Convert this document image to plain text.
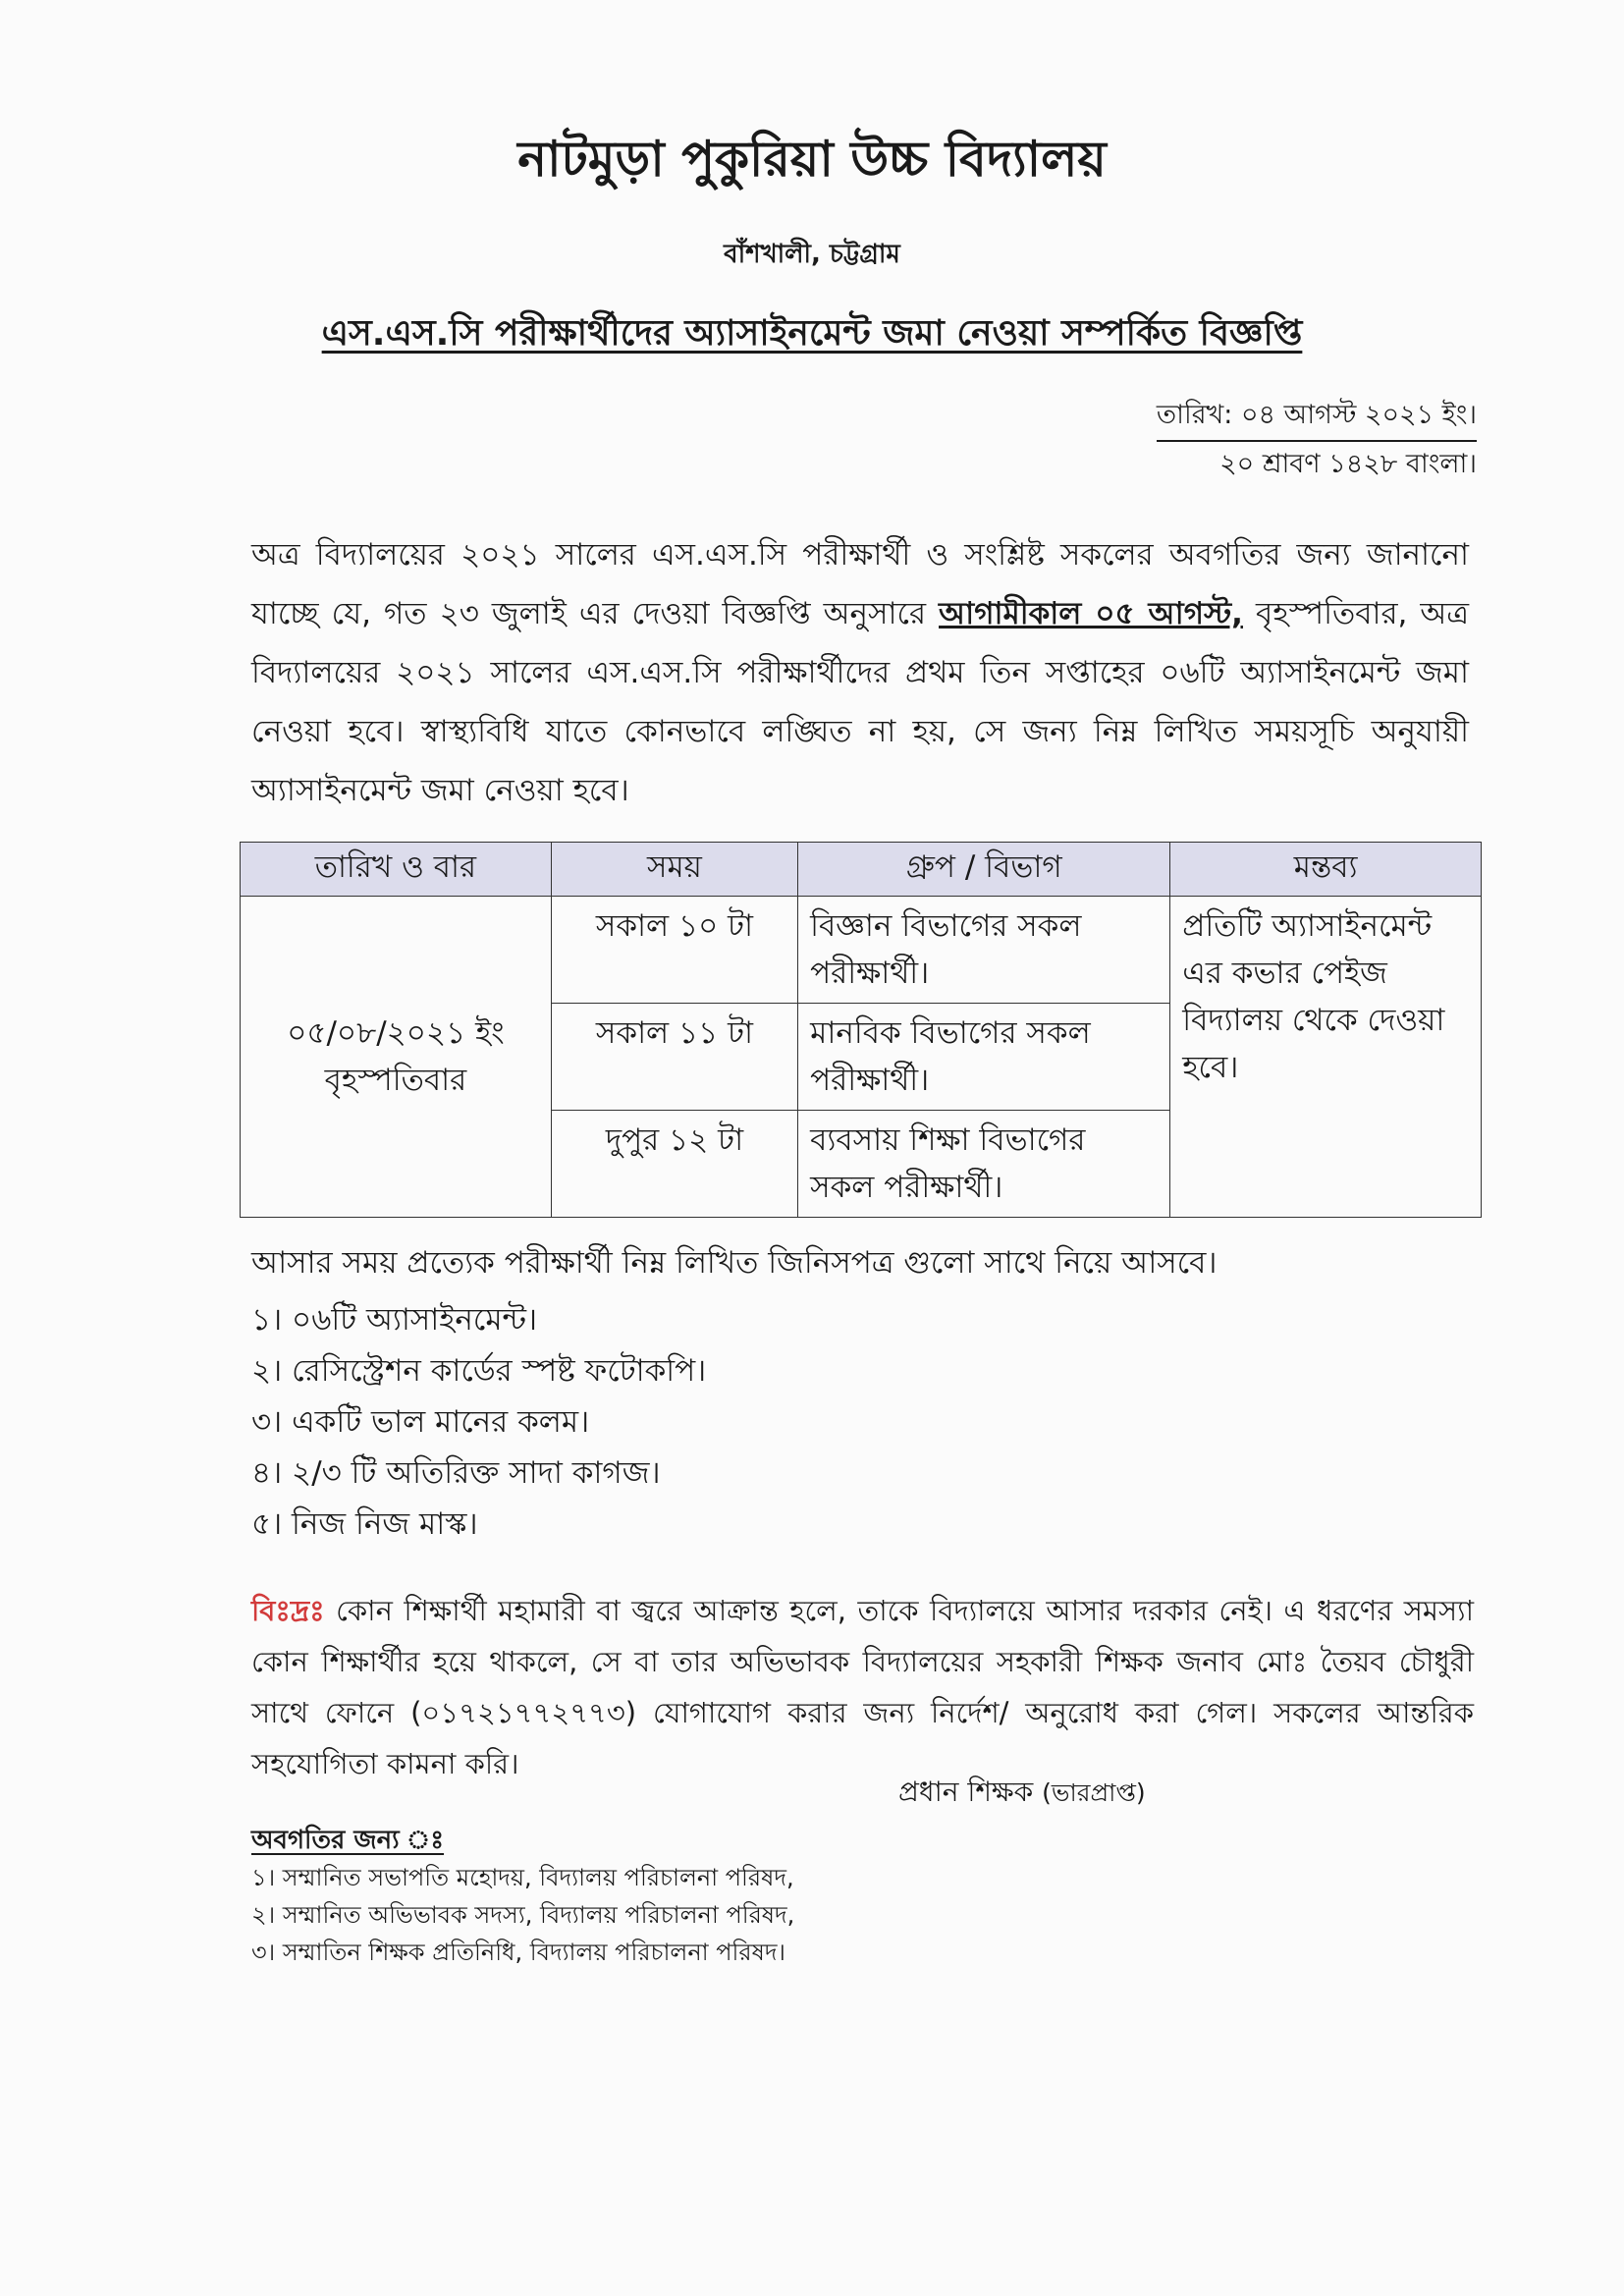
নাটমুড়া পুকুরিয়া উচ্চ বিদ্যালয়
বাঁশখালী, চট্টগ্রাম
এস.এস.সি পরীক্ষার্থীদের অ্যাসাইনমেন্ট জমা নেওয়া সম্পর্কিত বিজ্ঞপ্তি
তারিখ: ০৪ আগস্ট ২০২১ ইং।
২০ শ্রাবণ ১৪২৮ বাংলা।
অত্র বিদ্যালয়ের ২০২১ সালের এস.এস.সি পরীক্ষার্থী ও সংশ্লিষ্ট সকলের অবগতির জন্য জানানো যাচ্ছে যে, গত ২৩ জুলাই এর দেওয়া বিজ্ঞপ্তি অনুসারে আগামীকাল ০৫ আগস্ট, বৃহস্পতিবার, অত্র বিদ্যালয়ের ২০২১ সালের এস.এস.সি পরীক্ষার্থীদের প্রথম তিন সপ্তাহের ০৬টি অ্যাসাইনমেন্ট জমা নেওয়া হবে। স্বাস্থ্যবিধি যাতে কোনভাবে লঙ্ঘিত না হয়, সে জন্য নিম্ন লিখিত সময়সূচি অনুযায়ী অ্যাসাইনমেন্ট জমা নেওয়া হবে।
তারিখ ও বার	সময়	গ্রুপ / বিভাগ	মন্তব্য

০৫/০৮/২০২১ ইং
বৃহস্পতিবার	সকাল ১০ টা	বিজ্ঞান বিভাগের সকল পরীক্ষার্থী।	প্রতিটি অ্যাসাইনমেন্ট এর কভার পেইজ বিদ্যালয় থেকে দেওয়া হবে।
	সকাল ১১ টা	মানবিক বিভাগের সকল পরীক্ষার্থী।	
	দুপুর ১২ টা	ব্যবসায় শিক্ষা বিভাগের সকল পরীক্ষার্থী।	
আসার সময় প্রত্যেক পরীক্ষার্থী নিম্ন লিখিত জিনিসপত্র গুলো সাথে নিয়ে আসবে।
১। ০৬টি অ্যাসাইনমেন্ট।
২। রেসিস্ট্রেশন কার্ডের স্পষ্ট ফটোকপি।
৩। একটি ভাল মানের কলম।
৪। ২/৩ টি অতিরিক্ত সাদা কাগজ।
৫। নিজ নিজ মাস্ক।
বিঃদ্রঃ কোন শিক্ষার্থী মহামারী বা জ্বরে আক্রান্ত হলে, তাকে বিদ্যালয়ে আসার দরকার নেই। এ ধরণের সমস্যা কোন শিক্ষার্থীর হয়ে থাকলে, সে বা তার অভিভাবক বিদ্যালয়ের সহকারী শিক্ষক জনাব মোঃ তৈয়ব চৌধুরী সাথে ফোনে (০১৭২১৭৭২৭৭৩) যোগাযোগ করার জন্য নির্দেশ/ অনুরোধ করা গেল। সকলের আন্তরিক সহযোগিতা কামনা করি।
প্রধান শিক্ষক (ভারপ্রাপ্ত)
অবগতির জন্য ঃ
১। সম্মানিত সভাপতি মহোদয়, বিদ্যালয় পরিচালনা পরিষদ,
২। সম্মানিত অভিভাবক সদস্য, বিদ্যালয় পরিচালনা পরিষদ,
৩। সম্মাতিন শিক্ষক প্রতিনিধি, বিদ্যালয় পরিচালনা পরিষদ।
